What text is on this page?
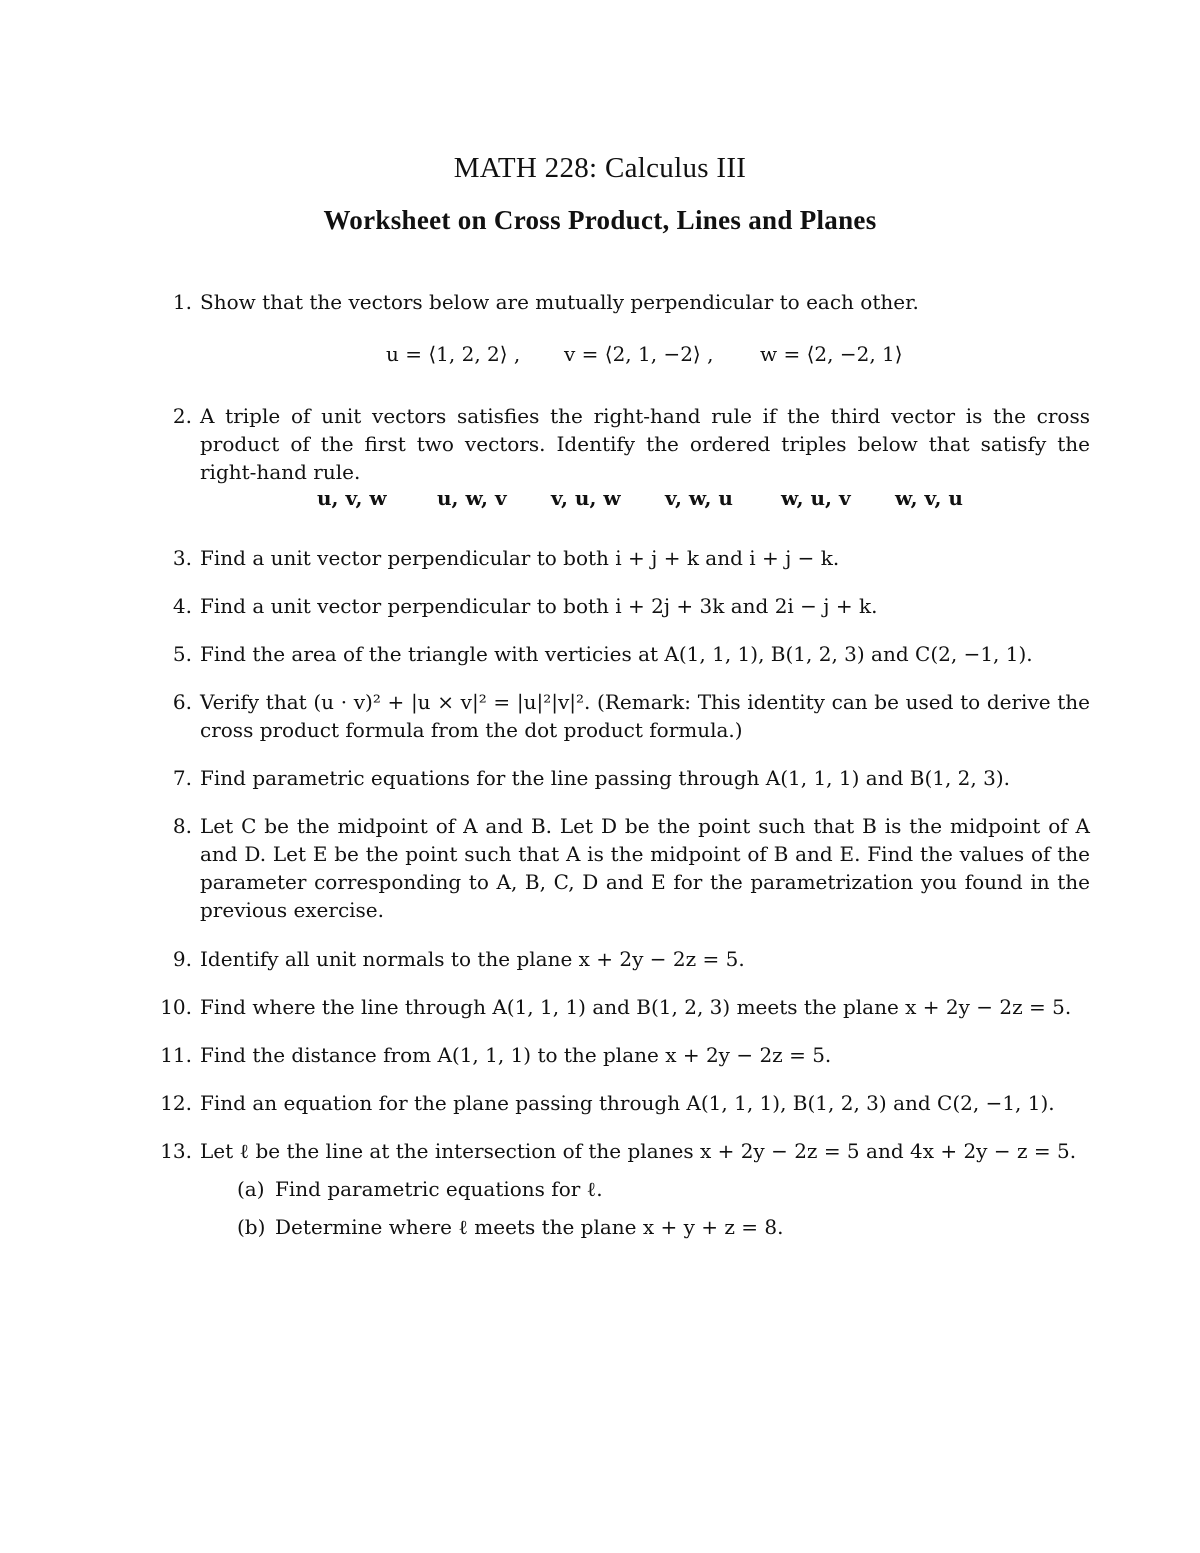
MATH 228: Calculus III
Worksheet on Cross Product, Lines and Planes
1. Show that the vectors below are mutually perpendicular to each other.
u = ⟨1, 2, 2⟩ , v = ⟨2, 1, −2⟩ , w = ⟨2, −2, 1⟩
2. A triple of unit vectors satisfies the right-hand rule if the third vector is the cross product of the first two vectors. Identify the ordered triples below that satisfy the right-hand rule.
u, v, w	u, w, v v, u, w v, w, u w, u, v w, v, u
3. Find a unit vector perpendicular to both i + j + k and i + j − k.
4. Find a unit vector perpendicular to both i + 2j + 3k and 2i − j + k.
5. Find the area of the triangle with verticies at A(1, 1, 1), B(1, 2, 3) and C(2, −1, 1).
6. Verify that (u · v)² + |u × v|² = |u|²|v|². (Remark: This identity can be used to derive the cross product formula from the dot product formula.)
7. Find parametric equations for the line passing through A(1, 1, 1) and B(1, 2, 3).
8. Let C be the midpoint of A and B. Let D be the point such that B is the midpoint of A and D. Let E be the point such that A is the midpoint of B and E. Find the values of the parameter corresponding to A, B, C, D and E for the parametrization you found in the previous exercise.
9. Identify all unit normals to the plane x + 2y − 2z = 5.
10. Find where the line through A(1, 1, 1) and B(1, 2, 3) meets the plane x + 2y − 2z = 5.
11. Find the distance from A(1, 1, 1) to the plane x + 2y − 2z = 5.
12. Find an equation for the plane passing through A(1, 1, 1), B(1, 2, 3) and C(2, −1, 1).
13. Let ℓ be the line at the intersection of the planes x + 2y − 2z = 5 and 4x + 2y − z = 5.
(a) Find parametric equations for ℓ.
(b) Determine where ℓ meets the plane x + y + z = 8.
